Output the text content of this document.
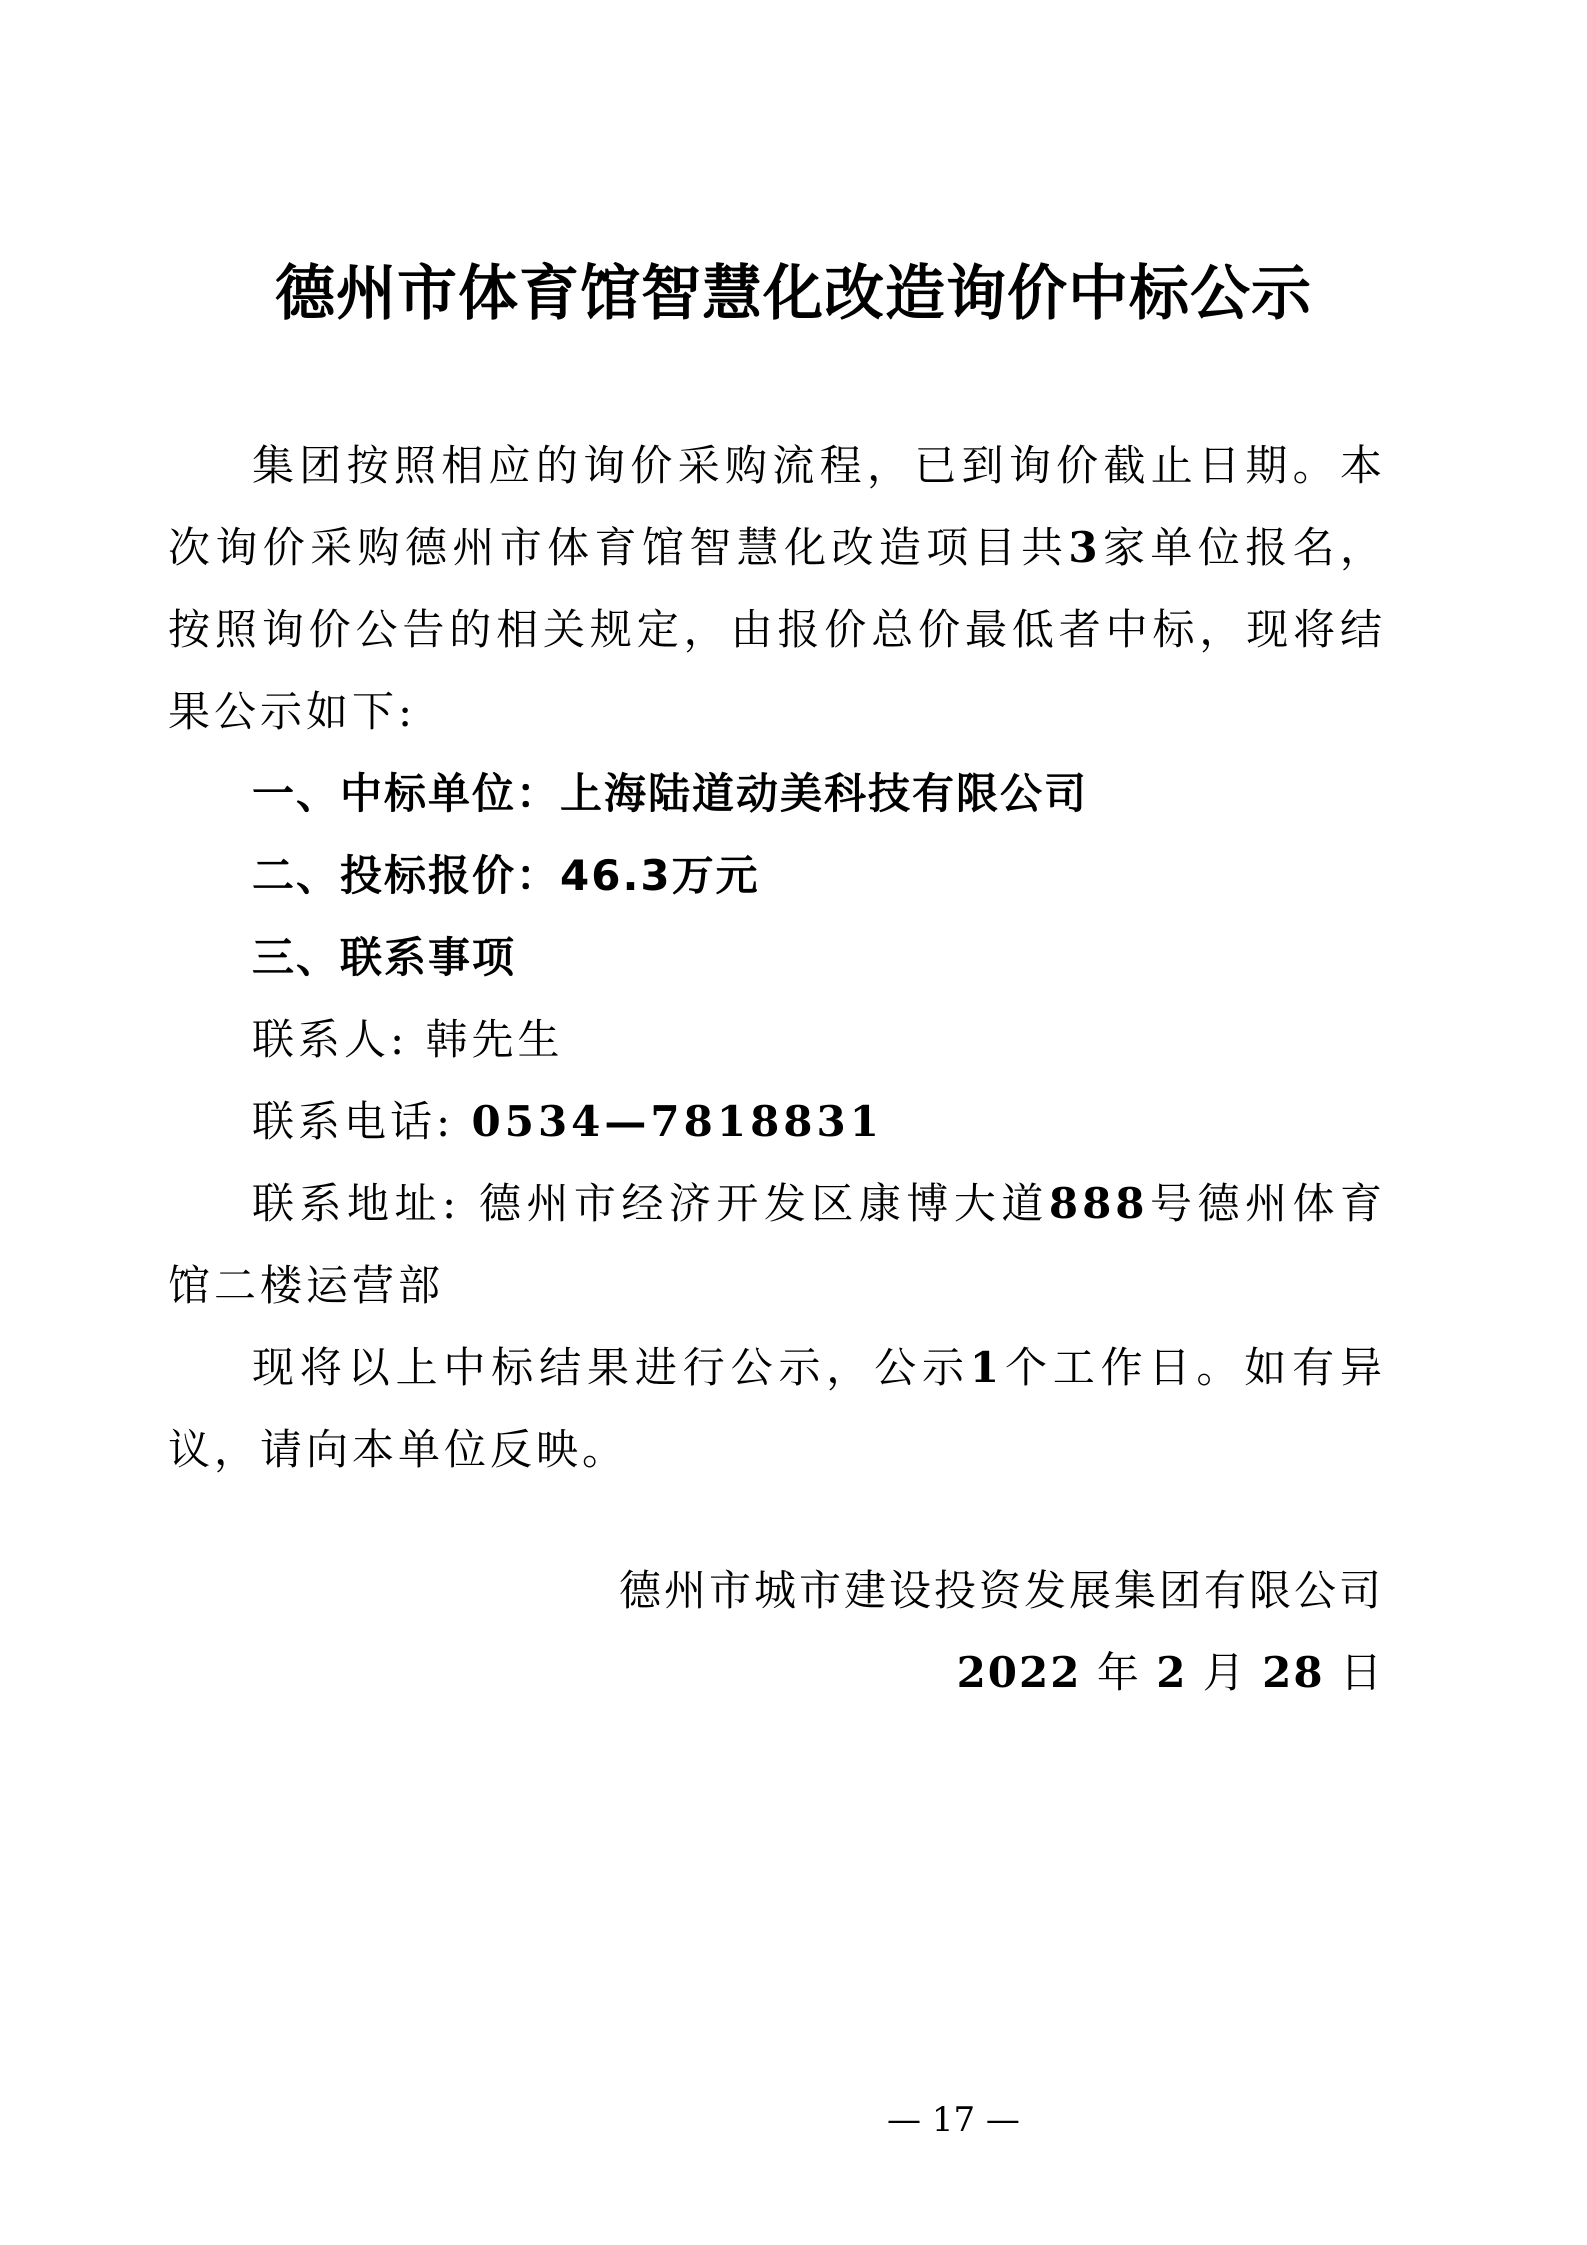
德州市体育馆智慧化改造询价中标公示

集团按照相应的询价采购流程，已到询价截止日期。本次询价采购德州市体育馆智慧化改造项目共3家单位报名，按照询价公告的相关规定，由报价总价最低者中标，现将结果公示如下:

一、中标单位：上海陆道动美科技有限公司

二、投标报价：46.3万元

三、联系事项

联系人: 韩先生

联系电话: 0534—7818831

联系地址: 德州市经济开发区康博大道888号德州体育馆二楼运营部

现将以上中标结果进行公示，公示1个工作日。如有异议，请向本单位反映。

德州市城市建设投资发展集团有限公司
2022 年 2 月 28 日
— 17 —
